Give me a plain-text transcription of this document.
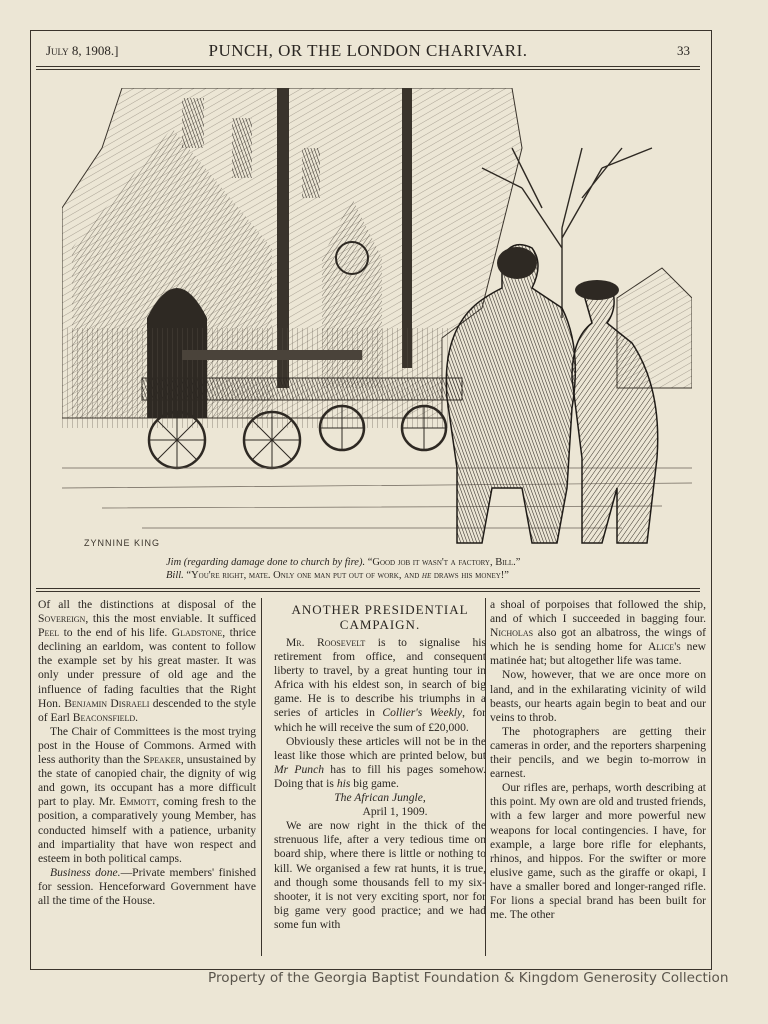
July 8, 1908.]	PUNCH, OR THE LONDON CHARIVARI.	33
ZYNNINE KING
Jim (regarding damage done to church by fire). “Good job it wasn't a factory, Bill.”
Bill. “You're right, mate. Only one man put out of work, and he draws his money!”

Of all the distinctions at disposal of the Sovereign, this the most enviable. It sufficed Peel to the end of his life. Gladstone, thrice declining an earldom, was content to follow the example set by his great master. It was only under pressure of old age and the influence of fading faculties that the Right Hon. Benjamin Disraeli descended to the style of Earl Beaconsfield.

The Chair of Committees is the most trying post in the House of Commons. Armed with less authority than the Speaker, unsustained by the state of canopied chair, the dignity of wig and gown, its occupant has a more difficult part to play. Mr. Emmott, coming fresh to the position, a comparatively young Member, has conducted himself with a patience, urbanity and impartiality that have won respect and esteem in both political camps.

Business done.—Private members' finished for session. Henceforward Government have all the time of the House.

ANOTHER PRESIDENTIAL
CAMPAIGN.

Mr. Roosevelt is to signalise his retirement from office, and consequent liberty to travel, by a great hunting tour in Africa with his eldest son, in search of big game. He is to describe his triumphs in a series of articles in Collier's Weekly, for which he will receive the sum of £20,000.

Obviously these articles will not be in the least like those which are printed below, but Mr Punch has to fill his pages somehow. Doing that is his big game.

The African Jungle,
April 1, 1909.

We are now right in the thick of the strenuous life, after a very tedious time on board ship, where there is little or nothing to kill. We organised a few rat hunts, it is true, and though some thousands fell to my six-shooter, it is not very exciting sport, nor for big game very good practice; and we had some fun with

a shoal of porpoises that followed the ship, and of which I succeeded in bagging four. Nicholas also got an albatross, the wings of which he is sending home for Alice's new matinée hat; but altogether life was tame.

Now, however, that we are once more on land, and in the exhilarating vicinity of wild beasts, our hearts again begin to beat and our veins to throb.

The photographers are getting their cameras in order, and the reporters sharpening their pencils, and we begin to-morrow in earnest.

Our rifles are, perhaps, worth describing at this point. My own are old and trusted friends, with a few larger and more powerful new weapons for local contingencies. I have, for example, a large bore rifle for elephants, rhinos, and hippos. For the swifter or more elusive game, such as the giraffe or okapi, I have a smaller bored and longer-ranged rifle. For lions a special brand has been built for me. The other

Property of the Georgia Baptist Foundation & Kingdom Generosity Collection
